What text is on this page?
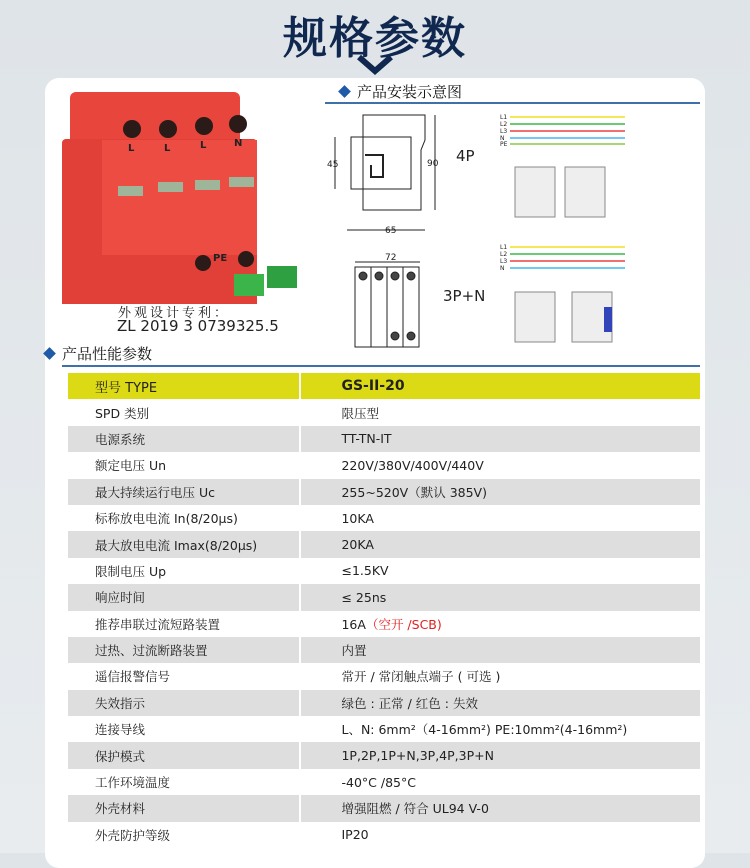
规格参数
L	L	L	N
PE
外观设计专利：
ZL 2019 3 0739325.5
产品安装示意图
45	90
65
72
4P
3P+N
L1
L2
L3
N
PE
L1
L2
L3
N
产品性能参数
型号 TYPE	GS-II-20
SPD 类别	限压型
电源系统	TT-TN-IT
额定电压 Un	220V/380V/400V/440V
最大持续运行电压 Uc	255~520V（默认 385V)
标称放电电流 In(8/20μs)	10KA
最大放电电流 Imax(8/20μs)	20KA
限制电压 Up	≤1.5KV
响应时间	≤ 25ns
推荐串联过流短路装置	16A（空开 /SCB)
过热、过流断路装置	内置
遥信报警信号	常开 / 常闭触点端子 ( 可选 )
失效指示	绿色 : 正常 / 红色 : 失效
连接导线	L、N: 6mm²（4-16mm²) PE:10mm²(4-16mm²)
保护模式	1P,2P,1P+N,3P,4P,3P+N
工作环境温度	-40°C /85°C
外壳材料	增强阻燃 / 符合 UL94 V-0
外壳防护等级	IP20
